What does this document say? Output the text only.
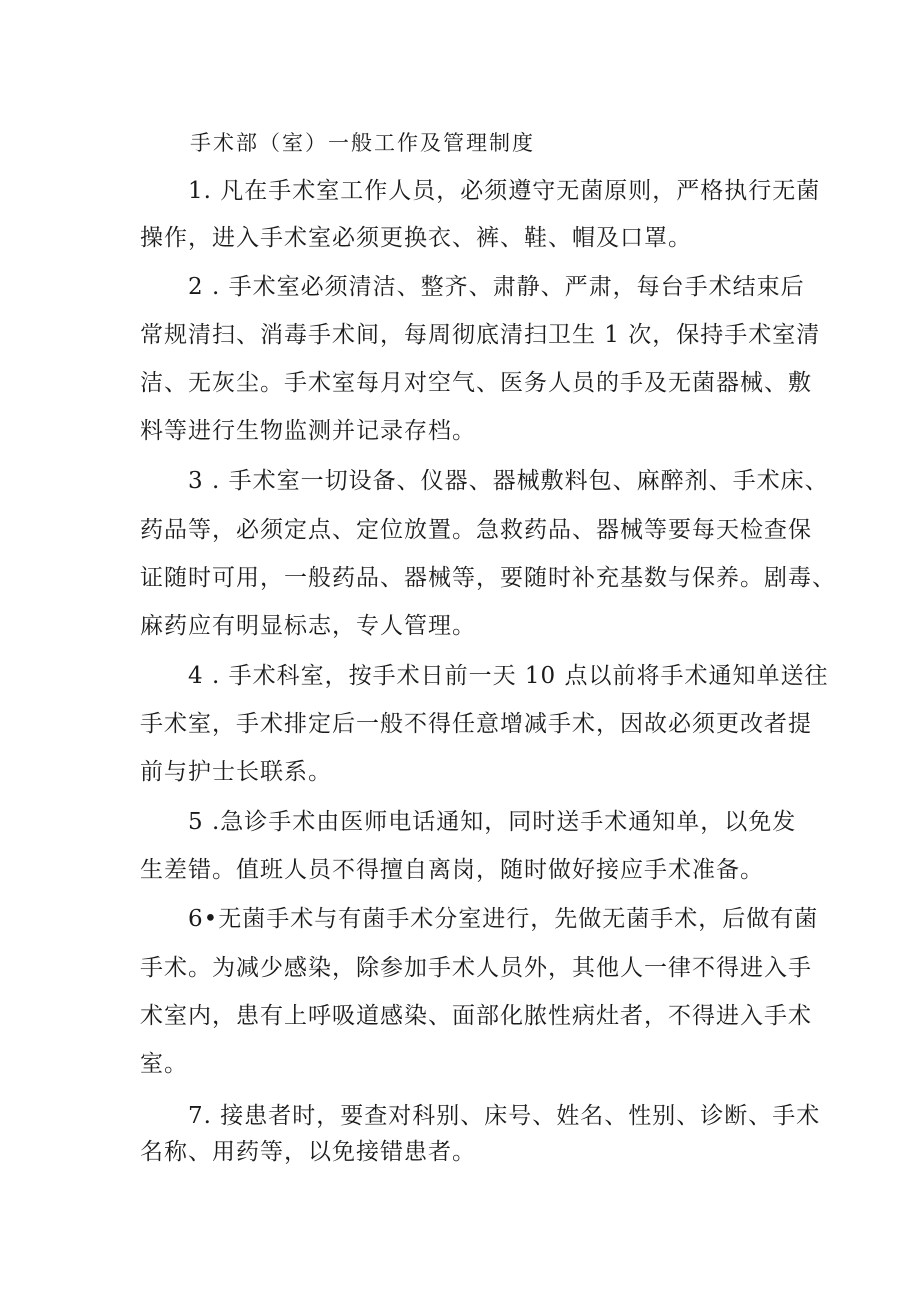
手术部（室）一般工作及管理制度
1. 凡在手术室工作人员，必须遵守无菌原则，严格执行无菌
操作，进入手术室必须更换衣、裤、鞋、帽及口罩。
2 . 手术室必须清洁、整齐、肃静、严肃，每台手术结束后
常规清扫、消毒手术间，每周彻底清扫卫生 1 次，保持手术室清
洁、无灰尘。手术室每月对空气、医务人员的手及无菌器械、敷
料等进行生物监测并记录存档。
3 . 手术室一切设备、仪器、器械敷料包、麻醉剂、手术床、
药品等，必须定点、定位放置。急救药品、器械等要每天检查保
证随时可用，一般药品、器械等，要随时补充基数与保养。剧毒、
麻药应有明显标志，专人管理。
4 . 手术科室，按手术日前一天 10 点以前将手术通知单送往
手术室，手术排定后一般不得任意增减手术，因故必须更改者提
前与护士长联系。
5 .急诊手术由医师电话通知，同时送手术通知单，以免发
生差错。值班人员不得擅自离岗，随时做好接应手术准备。
6•无菌手术与有菌手术分室进行，先做无菌手术，后做有菌
手术。为减少感染，除参加手术人员外，其他人一律不得进入手
术室内，患有上呼吸道感染、面部化脓性病灶者，不得进入手术
室。
7. 接患者时，要查对科别、床号、姓名、性别、诊断、手术
名称、用药等，以免接错患者。
